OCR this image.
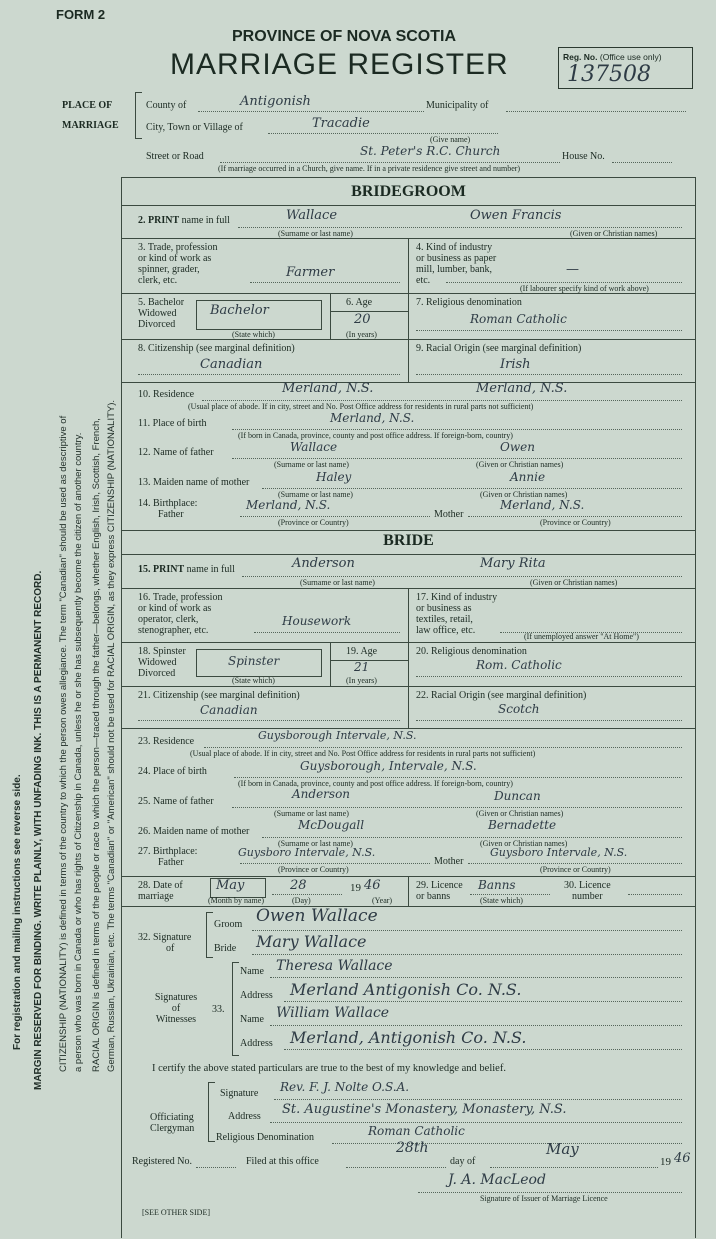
For registration and mailing instructions see reverse side. MARGIN RESERVED FOR BINDING. WRITE PLAINLY, WITH UNFADING INK. THIS IS A PERMANENT RECORD. CITIZENSHIP (NATIONALITY) is defined in terms of the country to which the person owes allegiance. The term "Canadian" should be used as descriptive of a person who was born in Canada or who has rights of Citizenship in Canada, unless he or she has subsequently become the citizen of another country. RACIAL ORIGIN is defined in terms of the people or race to which the person—traced through the father—belongs, whether English, Irish, Scottish, French, German, Russian, Ukrainian, etc. The terms "Canadian" or "American" should not be used for RACIAL ORIGIN, as they express CITIZENSHIP (NATIONALITY).
FORM 2
PROVINCE OF NOVA SCOTIA
MARRIAGE REGISTER	Reg. No. (Office use only)
137508
PLACE OF
MARRIAGE
County of	Antigonish	Municipality of
City, Town or Village of	Tracadie
(Give name)
Street or Road	St. Peter's R.C. Church	House No.
(If marriage occurred in a Church, give name. If in a private residence give street and number)
BRIDEGROOM
2. PRINT name in full	Wallace	Owen Francis
(Surname or last name)	(Given or Christian names)
3. Trade, profession
or kind of work as
spinner, grader,
clerk, etc.
Farmer
4. Kind of industry
or business as paper
mill, lumber, bank,
etc.
—
(If labourer specify kind of work above)
5. Bachelor
Widowed
Divorced
Bachelor
(State which)
6. Age
20
(In years)
7. Religious denomination
Roman Catholic
8. Citizenship (see marginal definition)
Canadian
9. Racial Origin (see marginal definition)
Irish
10. Residence	Merland, N.S.	Merland, N.S.
(Usual place of abode. If in city, street and No. Post Office address for residents in rural parts not sufficient)
11. Place of birth	Merland, N.S.
(If born in Canada, province, county and post office address. If foreign-born, country)
12. Name of father	Wallace	Owen
(Surname or last name)	(Given or Christian names)
13. Maiden name of mother	Haley	Annie
(Surname or last name)	(Given or Christian names)
14. Birthplace:
Father
Merland, N.S.
Mother
Merland, N.S.
(Province or Country)	(Province or Country)
BRIDE
15. PRINT name in full	Anderson	Mary Rita
(Surname or last name)	(Given or Christian names)
16. Trade, profession
or kind of work as
operator, clerk,
stenographer, etc.
Housework
17. Kind of industry
or business as
textiles, retail,
law office, etc.
(If unemployed answer "At Home")
18. Spinster
Widowed
Divorced
Spinster
(State which)
19. Age
21
(In years)
20. Religious denomination
Rom. Catholic
21. Citizenship (see marginal definition)
Canadian
22. Racial Origin (see marginal definition)
Scotch
23. Residence	Guysborough Intervale, N.S.
(Usual place of abode. If in city, street and No. Post Office address for residents in rural parts not sufficient)
24. Place of birth	Guysborough, Intervale, N.S.
(If born in Canada, province, county and post office address. If foreign-born, country)
25. Name of father
Anderson	Duncan
(Surname or last name)	(Given or Christian names)
26. Maiden name of mother	McDougall	Bernadette
(Surname or last name)	(Given or Christian names)
27. Birthplace:
Father
Guysboro Intervale, N.S.
Mother
Guysboro Intervale, N.S.
(Province or Country)	(Province or Country)
28. Date of
marriage
May	28	19 46
(Month by name)	(Day)	(Year)
29. Licence
or banns
Banns
(State which)
30. Licence
number
32. Signature
of
Groom Owen Wallace
Bride Mary Wallace
Signatures
of
Witnesses
33.
Name Theresa Wallace
Address Merland Antigonish Co. N.S.
Name William Wallace
Address Merland, Antigonish Co. N.S.
I certify the above stated particulars are true to the best of my knowledge and belief.
Officiating
Clergyman
Signature Rev. F. J. Nolte O.S.A.
Address St. Augustine's Monastery, Monastery, N.S.
Religious Denomination	Roman Catholic
Registered No.	Filed at this office
28th
day of
May
19 46
J. A. MacLeod
Signature of Issuer of Marriage Licence
[SEE OTHER SIDE]
